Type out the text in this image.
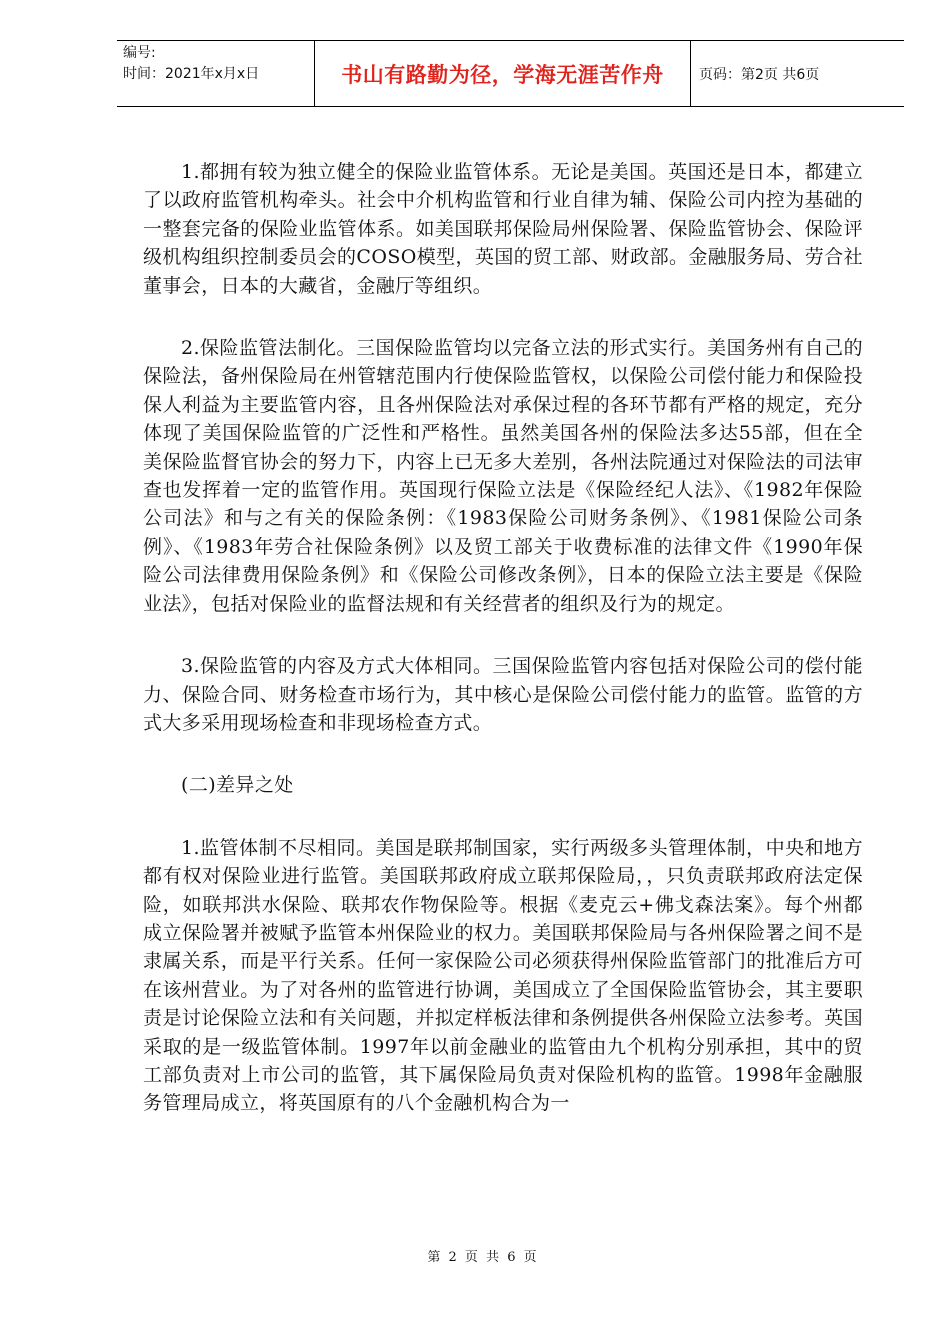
编号:
时间：2021年x月x日	书山有路勤为径，学海无涯苦作舟	页码：第2页 共6页

1.都拥有较为独立健全的保险业监管体系。无论是美国。英国还是日本，都建立了以政府监管机构牵头。社会中介机构监管和行业自律为辅、保险公司内控为基础的一整套完备的保险业监管体系。如美国联邦保险局州保险署、保险监管协会、保险评级机构组织控制委员会的COSO模型，英国的贸工部、财政部。金融服务局、劳合社董事会，日本的大藏省，金融厅等组织。

2.保险监管法制化。三国保险监管均以完备立法的形式实行。美国务州有自己的保险法，备州保险局在州管辖范围内行使保险监管权，以保险公司偿付能力和保险投保人利益为主要监管内容，且各州保险法对承保过程的各环节都有严格的规定，充分体现了美国保险监管的广泛性和严格性。虽然美国各州的保险法多达55部，但在全美保险监督官协会的努力下，内容上已无多大差别，各州法院通过对保险法的司法审查也发挥着一定的监管作用。英国现行保险立法是《保险经纪人法》、《1982年保险公司法》和与之有关的保险条例：《1983保险公司财务条例》、《1981保险公司条例》、《1983年劳合社保险条例》以及贸工部关于收费标准的法律文件《1990年保险公司法律费用保险条例》和《保险公司修改条例》，日本的保险立法主要是《保险业法》，包括对保险业的监督法规和有关经营者的组织及行为的规定。

3.保险监管的内容及方式大体相同。三国保险监管内容包括对保险公司的偿付能力、保险合同、财务检查市场行为，其中核心是保险公司偿付能力的监管。监管的方式大多采用现场检查和非现场检查方式。

(二)差异之处

1.监管体制不尽相同。美国是联邦制国家，实行两级多头管理体制，中央和地方都有权对保险业进行监管。美国联邦政府成立联邦保险局，，只负责联邦政府法定保险，如联邦洪水保险、联邦农作物保险等。根据《麦克云+佛戈森法案》。每个州都成立保险署并被赋予监管本州保险业的权力。美国联邦保险局与各州保险署之间不是隶属关系，而是平行关系。任何一家保险公司必须获得州保险监管部门的批准后方可在该州营业。为了对各州的监管进行协调，美国成立了全国保险监管协会，其主要职责是讨论保险立法和有关问题，并拟定样板法律和条例提供各州保险立法参考。英国采取的是一级监管体制。1997年以前金融业的监管由九个机构分别承担，其中的贸工部负责对上市公司的监管，其下属保险局负责对保险机构的监管。1998年金融服务管理局成立，将英国原有的八个金融机构合为一

第 2 页 共 6 页
